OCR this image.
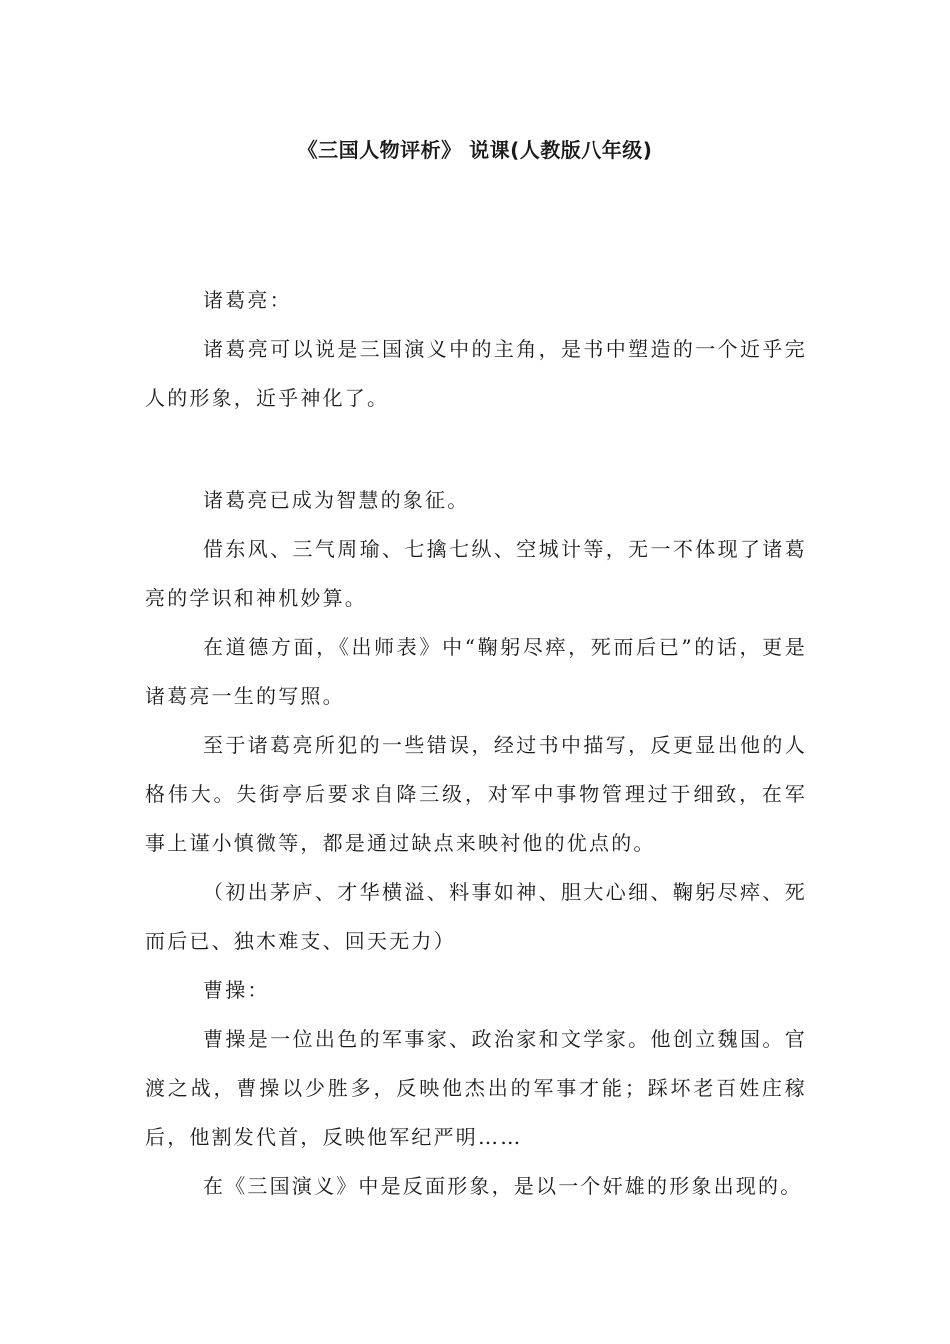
《三国人物评析》 说课(人教版八年级)

诸葛亮：

诸葛亮可以说是三国演义中的主角，是书中塑造的一个近乎完人的形象，近乎神化了。

诸葛亮已成为智慧的象征。

借东风、三气周瑜、七擒七纵、空城计等，无一不体现了诸葛亮的学识和神机妙算。

在道德方面，《出师表》中“鞠躬尽瘁，死而后已”的话，更是诸葛亮一生的写照。

至于诸葛亮所犯的一些错误，经过书中描写，反更显出他的人格伟大。失街亭后要求自降三级，对军中事物管理过于细致，在军事上谨小慎微等，都是通过缺点来映衬他的优点的。

（初出茅庐、才华横溢、料事如神、胆大心细、鞠躬尽瘁、死而后已、独木难支、回天无力）

曹操：

曹操是一位出色的军事家、政治家和文学家。他创立魏国。官渡之战，曹操以少胜多，反映他杰出的军事才能；踩坏老百姓庄稼后，他割发代首，反映他军纪严明……

在《三国演义》中是反面形象，是以一个奸雄的形象出现的。
